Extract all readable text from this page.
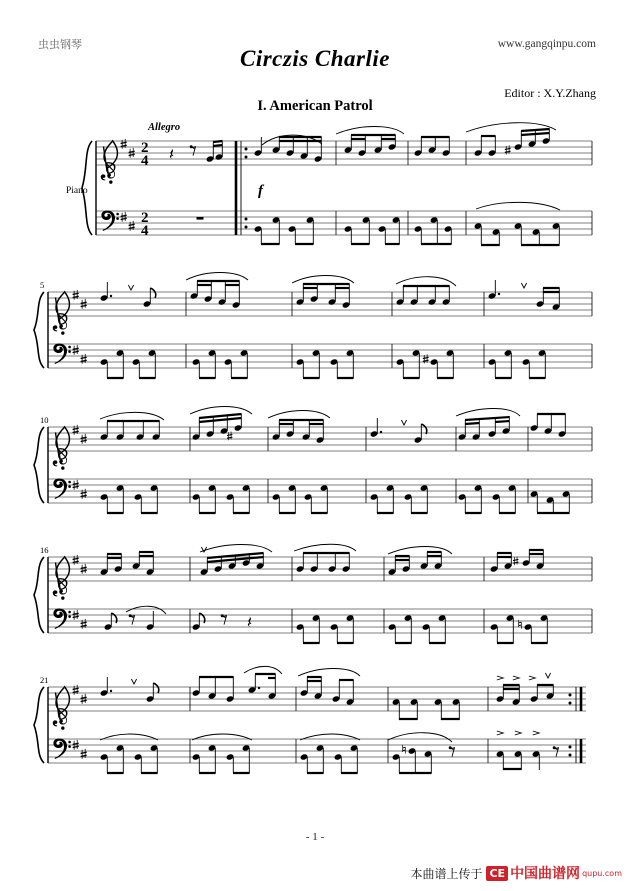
虫虫钢琴	www.gangqinpu.com
Circzis Charlie
Editor : X.Y.Zhang
I. American Patrol
Allegro
Piano	f
5
10
16
21
2
4
2
4
- 1 -
本曲谱上传于 CE 中国曲谱网 qupu.com
